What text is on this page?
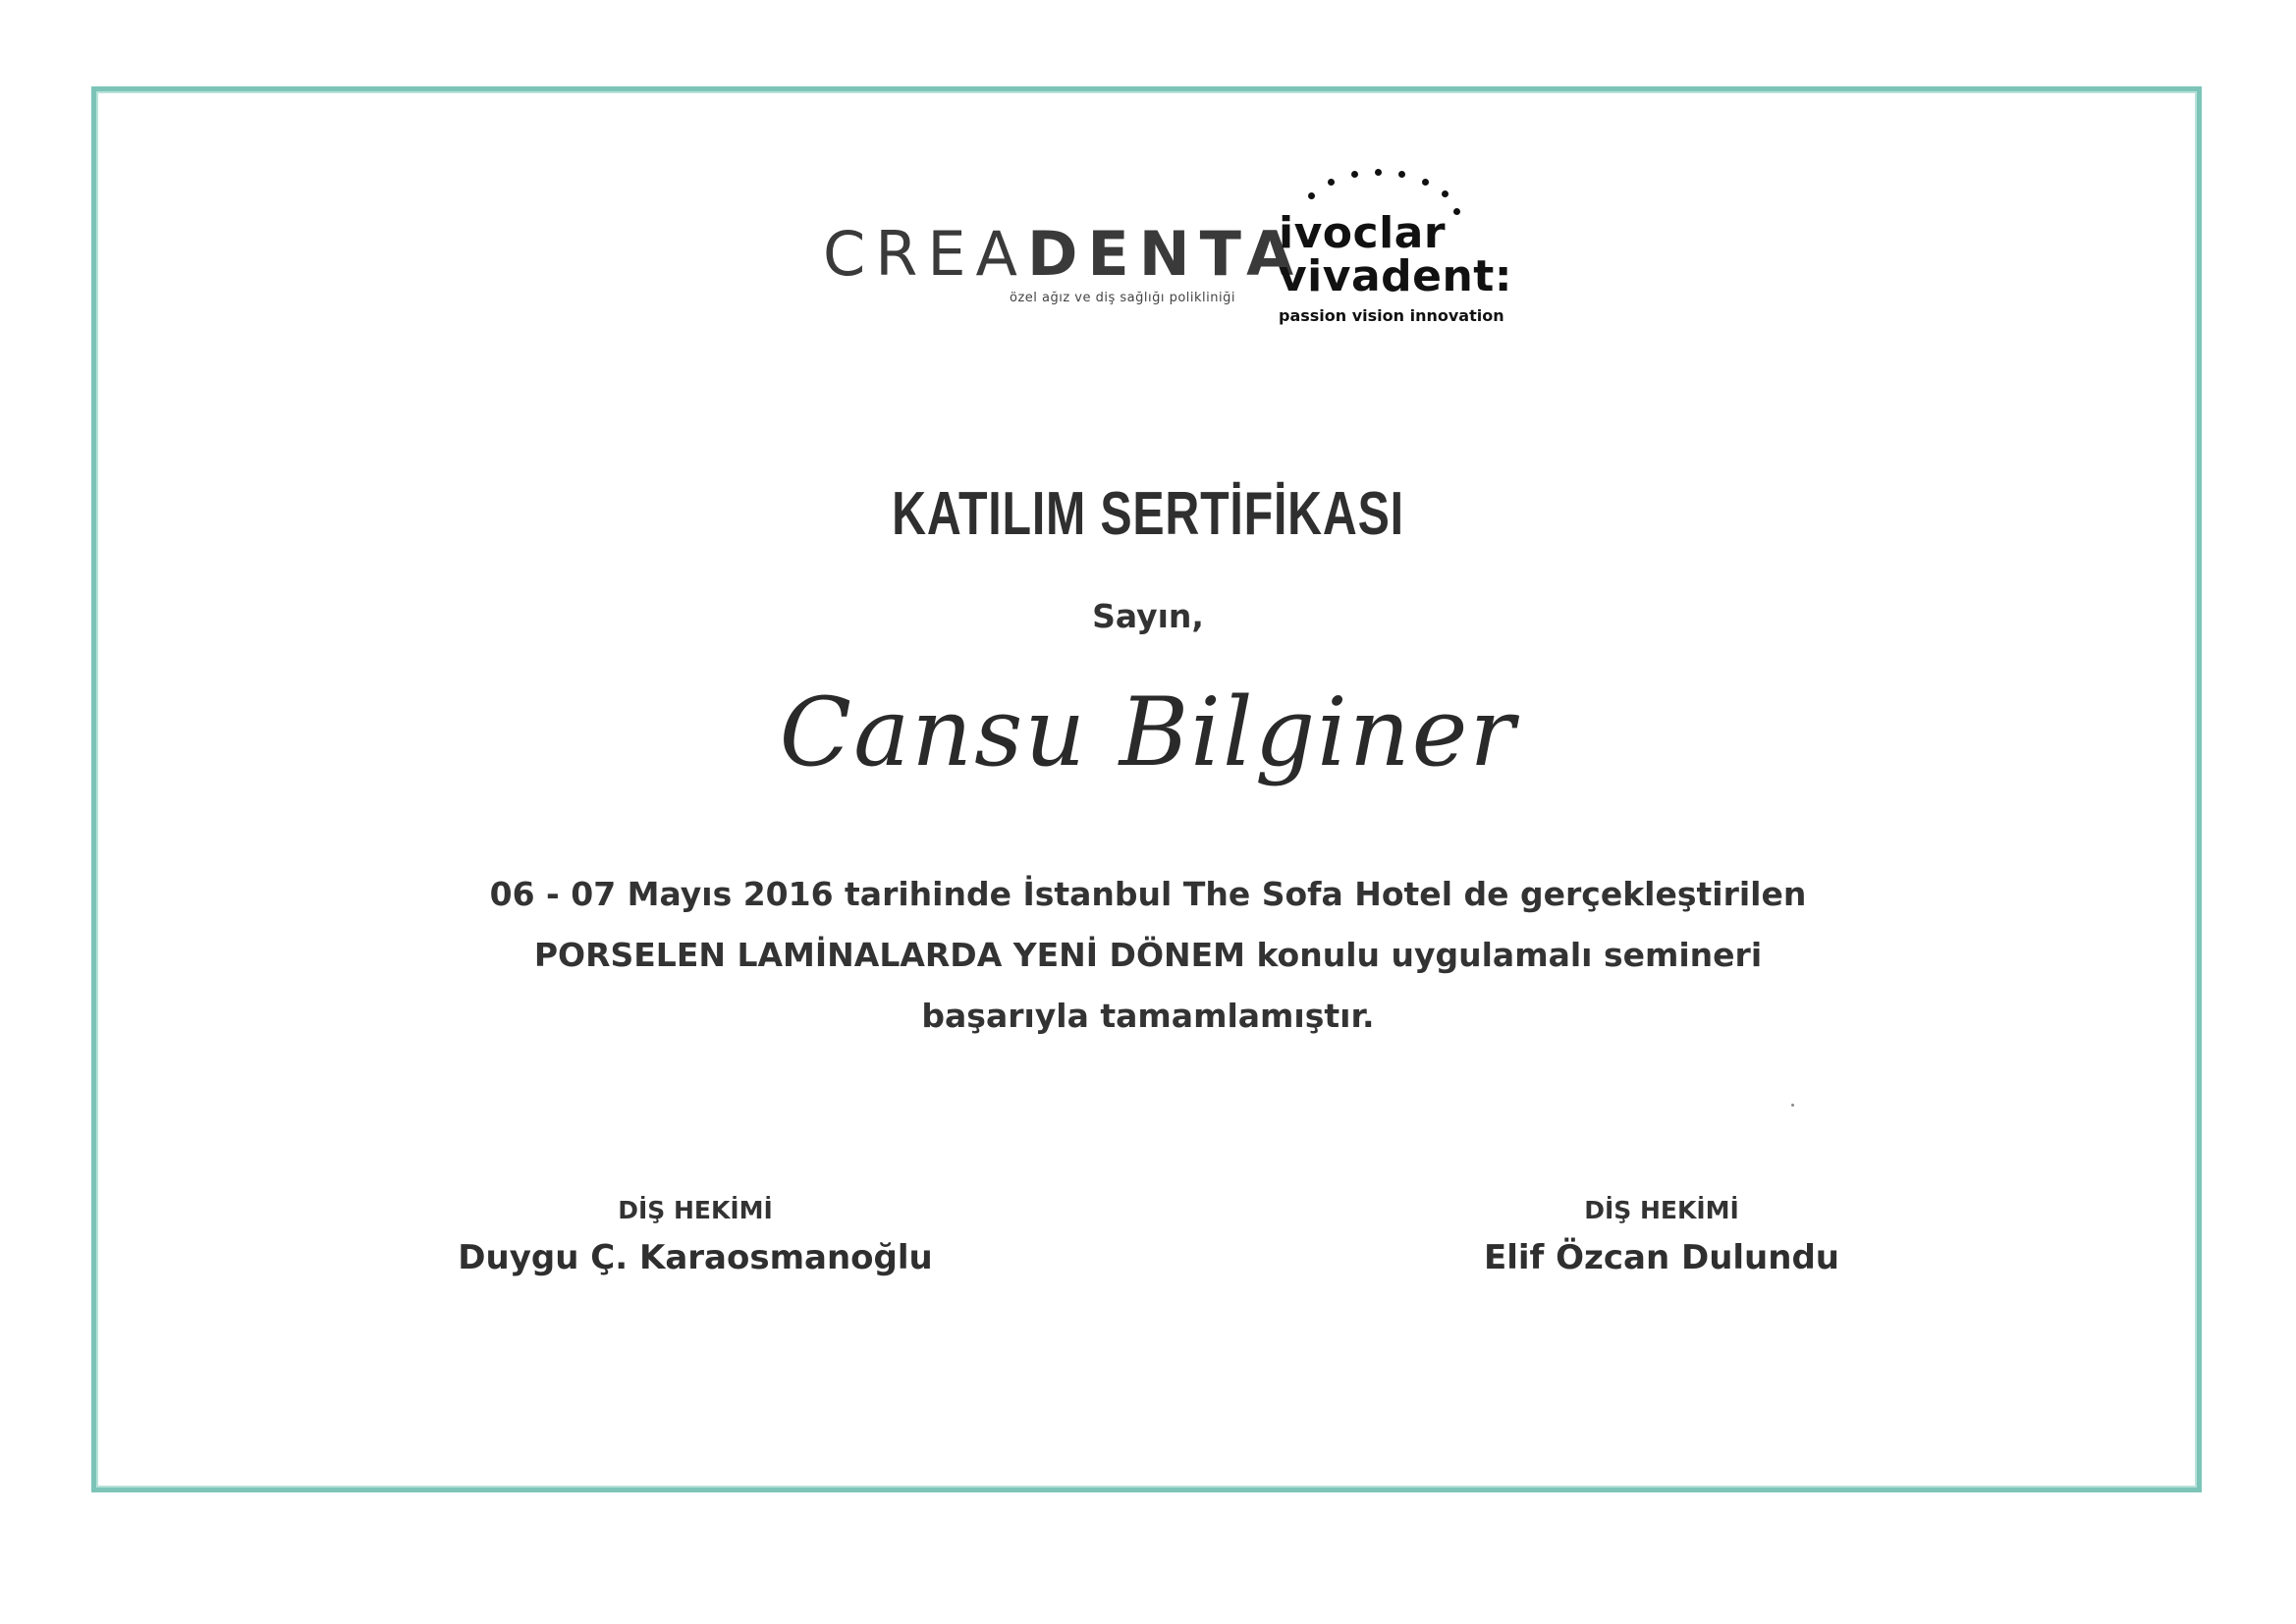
CREADENTA
özel ağız ve diş sağlığı polikliniği
ivoclar
vivadent:
passion vision innovation
KATILIM SERTİFİKASI
Sayın,
Cansu Bilginer
06 - 07 Mayıs 2016 tarihinde İstanbul The Sofa Hotel de gerçekleştirilen
PORSELEN LAMİNALARDA YENİ DÖNEM konulu uygulamalı semineri
başarıyla tamamlamıştır.
DİŞ HEKİMİ
Duygu Ç. Karaosmanoğlu
DİŞ HEKİMİ
Elif Özcan Dulundu
